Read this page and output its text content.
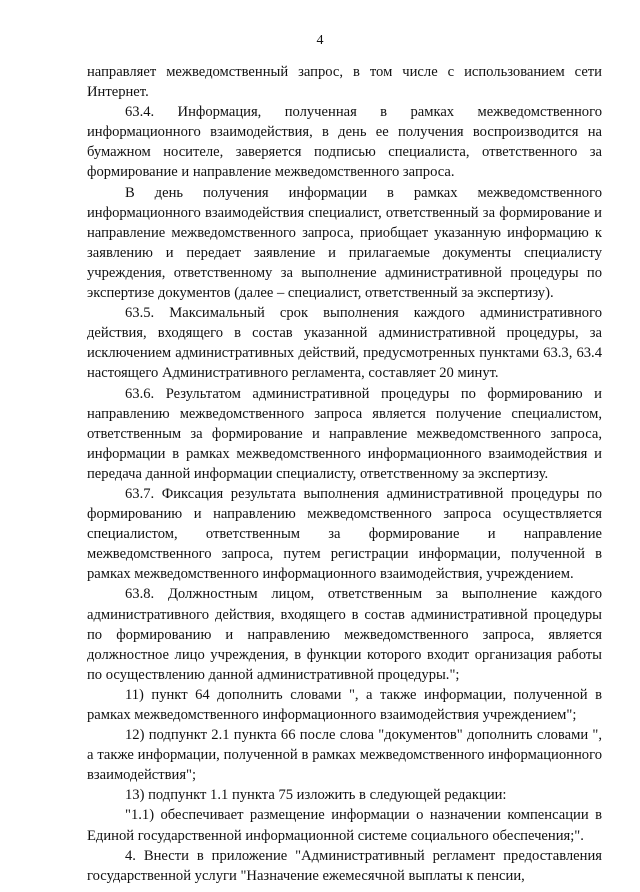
4

направляет межведомственный запрос, в том числе с использованием сети Интернет.

63.4. Информация, полученная в рамках межведомственного информационного взаимодействия, в день ее получения воспроизводится на бумажном носителе, заверяется подписью специалиста, ответственного за формирование и направление межведомственного запроса.

В день получения информации в рамках межведомственного информационного взаимодействия специалист, ответственный за формирование и направление межведомственного запроса, приобщает указанную информацию к заявлению и передает заявление и прилагаемые документы специалисту учреждения, ответственному за выполнение административной процедуры по экспертизе документов (далее – специалист, ответственный за экспертизу).

63.5. Максимальный срок выполнения каждого административного действия, входящего в состав указанной административной процедуры, за исключением административных действий, предусмотренных пунктами 63.3, 63.4 настоящего Административного регламента, составляет 20 минут.

63.6. Результатом административной процедуры по формированию и направлению межведомственного запроса является получение специалистом, ответственным за формирование и направление межведомственного запроса, информации в рамках межведомственного информационного взаимодействия и передача данной информации специалисту, ответственному за экспертизу.

63.7. Фиксация результата выполнения административной процедуры по формированию и направлению межведомственного запроса осуществляется специалистом, ответственным за формирование и направление межведомственного запроса, путем регистрации информации, полученной в рамках межведомственного информационного взаимодействия, учреждением.

63.8. Должностным лицом, ответственным за выполнение каждого административного действия, входящего в состав административной процедуры по формированию и направлению межведомственного запроса, является должностное лицо учреждения, в функции которого входит организация работы по осуществлению данной административной процедуры.";

11) пункт 64 дополнить словами ", а также информации, полученной в рамках межведомственного информационного взаимодействия учреждением";

12) подпункт 2.1 пункта 66 после слова "документов" дополнить словами ", а также информации, полученной в рамках межведомственного информационного взаимодействия";

13) подпункт 1.1 пункта 75 изложить в следующей редакции:

"1.1) обеспечивает размещение информации о назначении компенсации в Единой государственной информационной системе социального обеспечения;".

4. Внести в приложение "Административный регламент предоставления государственной услуги "Назначение ежемесячной выплаты к пенсии,
